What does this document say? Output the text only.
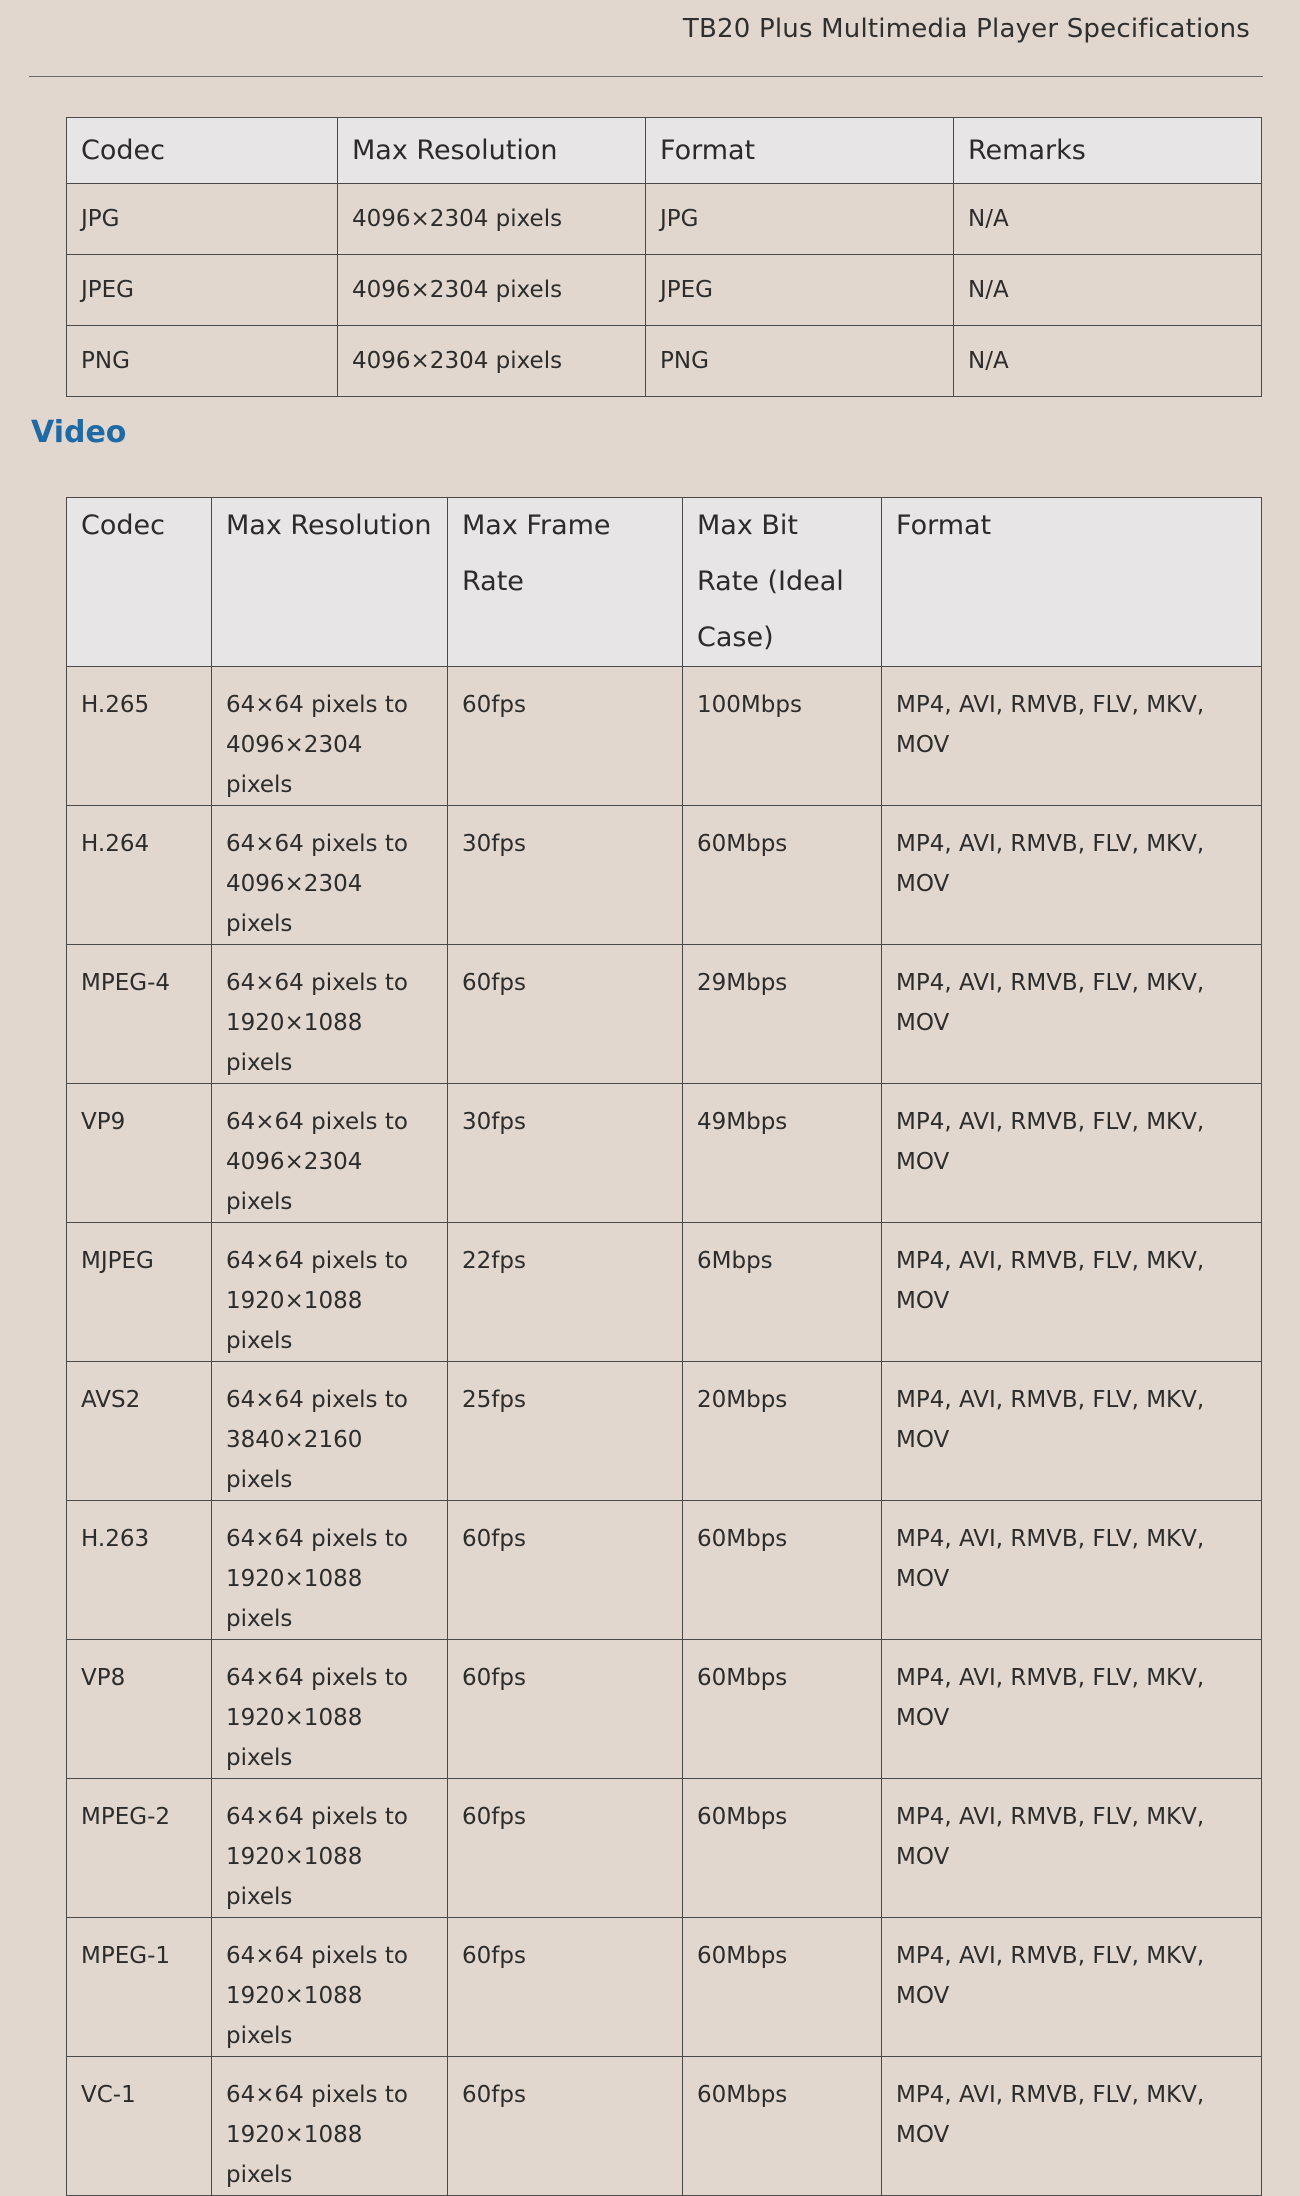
TB20 Plus Multimedia Player Specifications
Codec	Max Resolution	Format	Remarks
JPG	4096×2304 pixels	JPG	N/A
JPEG	4096×2304 pixels	JPEG	N/A
PNG	4096×2304 pixels	PNG	N/A
Video
Codec	Max Resolution	Max Frame Rate	Max Bit Rate (Ideal Case)	Format
H.265	64×64 pixels to 4096×2304 pixels	60fps	100Mbps	MP4, AVI, RMVB, FLV, MKV, MOV
H.264	64×64 pixels to 4096×2304 pixels	30fps	60Mbps	MP4, AVI, RMVB, FLV, MKV, MOV
MPEG-4	64×64 pixels to 1920×1088 pixels	60fps	29Mbps	MP4, AVI, RMVB, FLV, MKV, MOV
VP9	64×64 pixels to 4096×2304 pixels	30fps	49Mbps	MP4, AVI, RMVB, FLV, MKV, MOV
MJPEG	64×64 pixels to 1920×1088 pixels	22fps	6Mbps	MP4, AVI, RMVB, FLV, MKV, MOV
AVS2	64×64 pixels to 3840×2160 pixels	25fps	20Mbps	MP4, AVI, RMVB, FLV, MKV, MOV
H.263	64×64 pixels to 1920×1088 pixels	60fps	60Mbps	MP4, AVI, RMVB, FLV, MKV, MOV
VP8	64×64 pixels to 1920×1088 pixels	60fps	60Mbps	MP4, AVI, RMVB, FLV, MKV, MOV
MPEG-2	64×64 pixels to 1920×1088 pixels	60fps	60Mbps	MP4, AVI, RMVB, FLV, MKV, MOV
MPEG-1	64×64 pixels to 1920×1088 pixels	60fps	60Mbps	MP4, AVI, RMVB, FLV, MKV, MOV
VC-1	64×64 pixels to 1920×1088 pixels	60fps	60Mbps	MP4, AVI, RMVB, FLV, MKV, MOV
